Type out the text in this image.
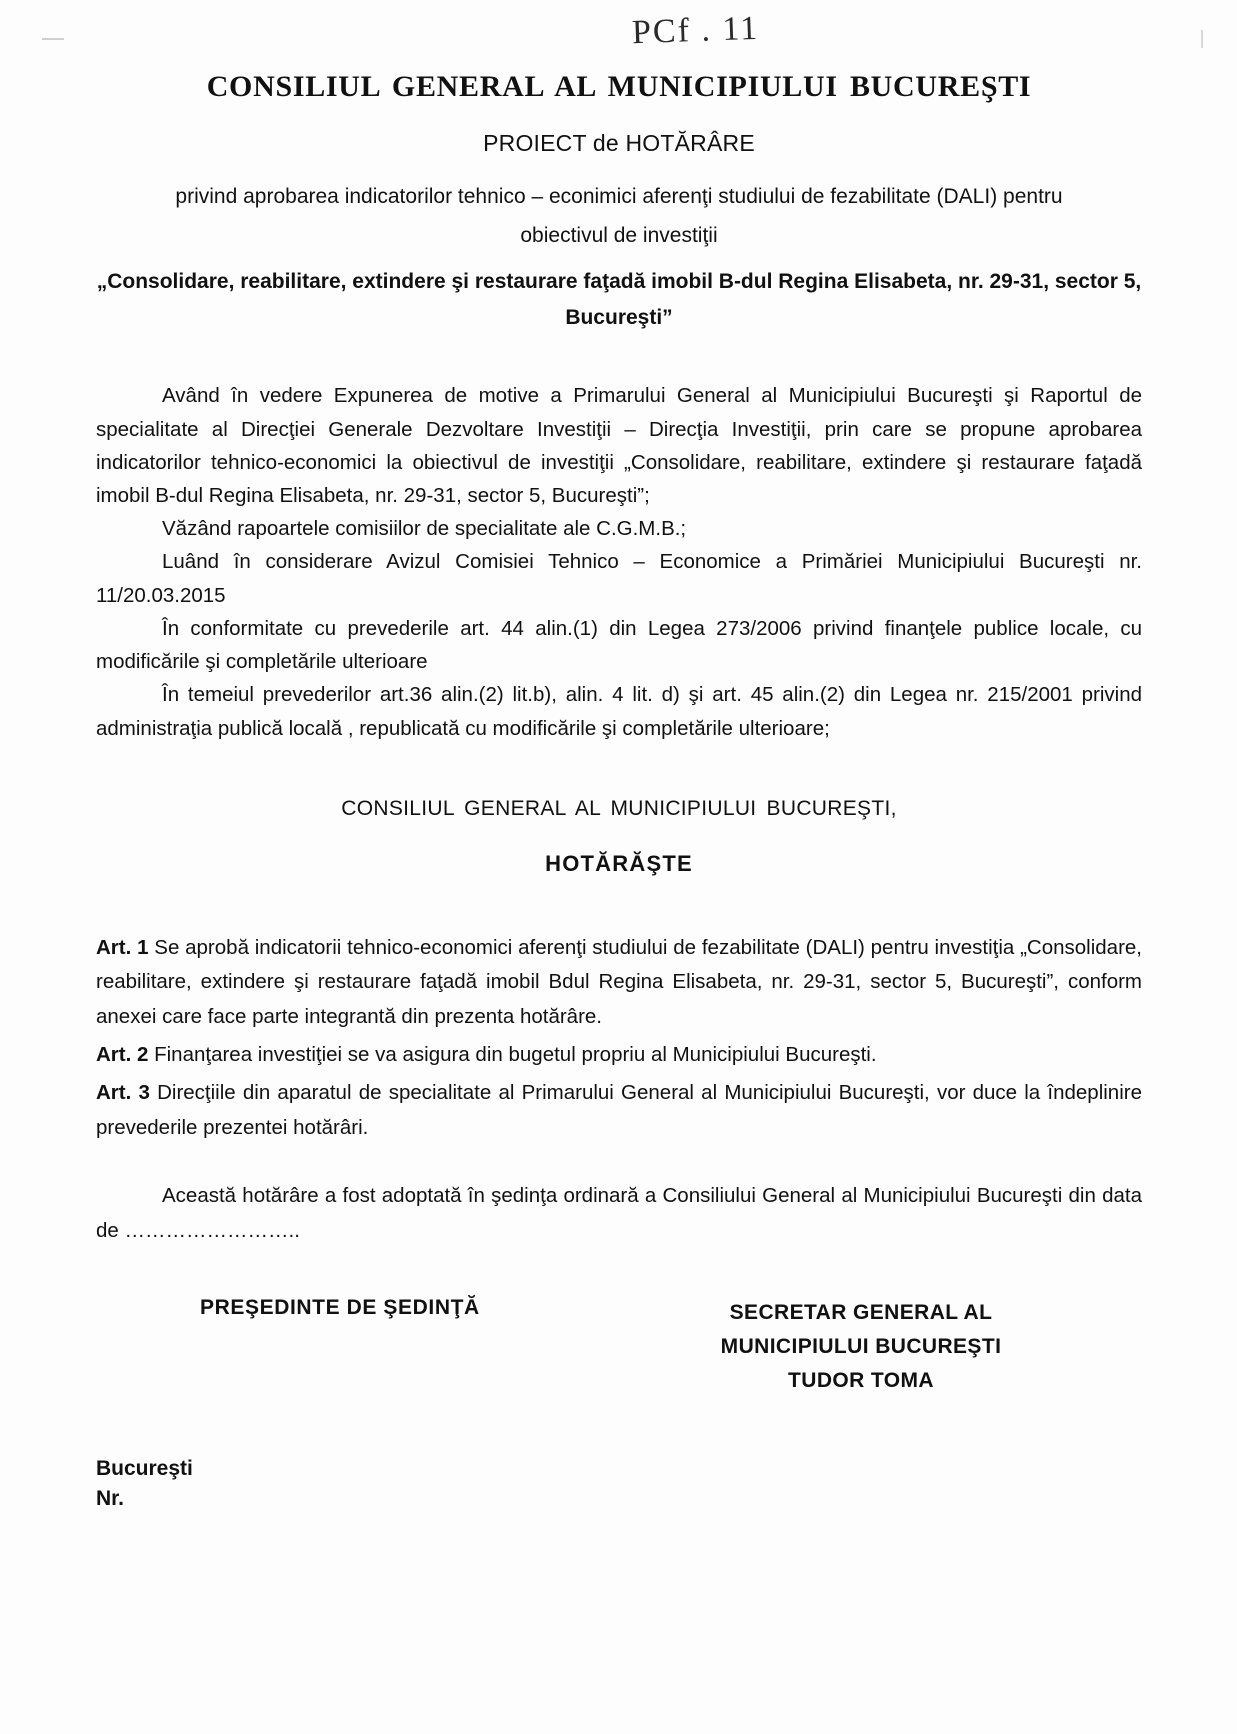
PCf . 11
CONSILIUL GENERAL AL MUNICIPIULUI BUCUREŞTI
PROIECT de HOTĂRÂRE
privind aprobarea indicatorilor tehnico – econimici aferenţi studiului de fezabilitate (DALI) pentru
obiectivul de investiţii
„Consolidare, reabilitare, extindere şi restaurare faţadă imobil B-dul Regina Elisabeta, nr. 29-31, sector 5, Bucureşti”

Având în vedere Expunerea de motive a Primarului General al Municipiului Bucureşti şi Raportul de specialitate al Direcţiei Generale Dezvoltare Investiţii – Direcţia Investiţii, prin care se propune aprobarea indicatorilor tehnico-economici la obiectivul de investiţii „Consolidare, reabilitare, extindere şi restaurare faţadă imobil B-dul Regina Elisabeta, nr. 29-31, sector 5, Bucureşti”;

Văzând rapoartele comisiilor de specialitate ale C.G.M.B.;

Luând în considerare Avizul Comisiei Tehnico – Economice a Primăriei Municipiului Bucureşti nr. 11/20.03.2015

În conformitate cu prevederile art. 44 alin.(1) din Legea 273/2006 privind finanţele publice locale, cu modificările şi completările ulterioare

În temeiul prevederilor art.36 alin.(2) lit.b), alin. 4 lit. d) şi art. 45 alin.(2) din Legea nr. 215/2001 privind administraţia publică locală , republicată cu modificările şi completările ulterioare;

CONSILIUL GENERAL AL MUNICIPIULUI BUCUREŞTI,
HOTĂRĂŞTE

Art. 1 Se aprobă indicatorii tehnico-economici aferenţi studiului de fezabilitate (DALI) pentru investiţia „Consolidare, reabilitare, extindere şi restaurare faţadă imobil Bdul Regina Elisabeta, nr. 29-31, sector 5, Bucureşti”, conform anexei care face parte integrantă din prezenta hotărâre.

Art. 2 Finanţarea investiţiei se va asigura din bugetul propriu al Municipiului Bucureşti.

Art. 3 Direcţiile din aparatul de specialitate al Primarului General al Municipiului Bucureşti, vor duce la îndeplinire prevederile prezentei hotărâri.

Această hotărâre a fost adoptată în şedinţa ordinară a Consiliului General al Municipiului Bucureşti din data de ……………………..
PREŞEDINTE DE ŞEDINŢĂ	SECRETAR GENERAL AL
MUNICIPIULUI BUCUREŞTI
TUDOR TOMA
Bucureşti
Nr.
